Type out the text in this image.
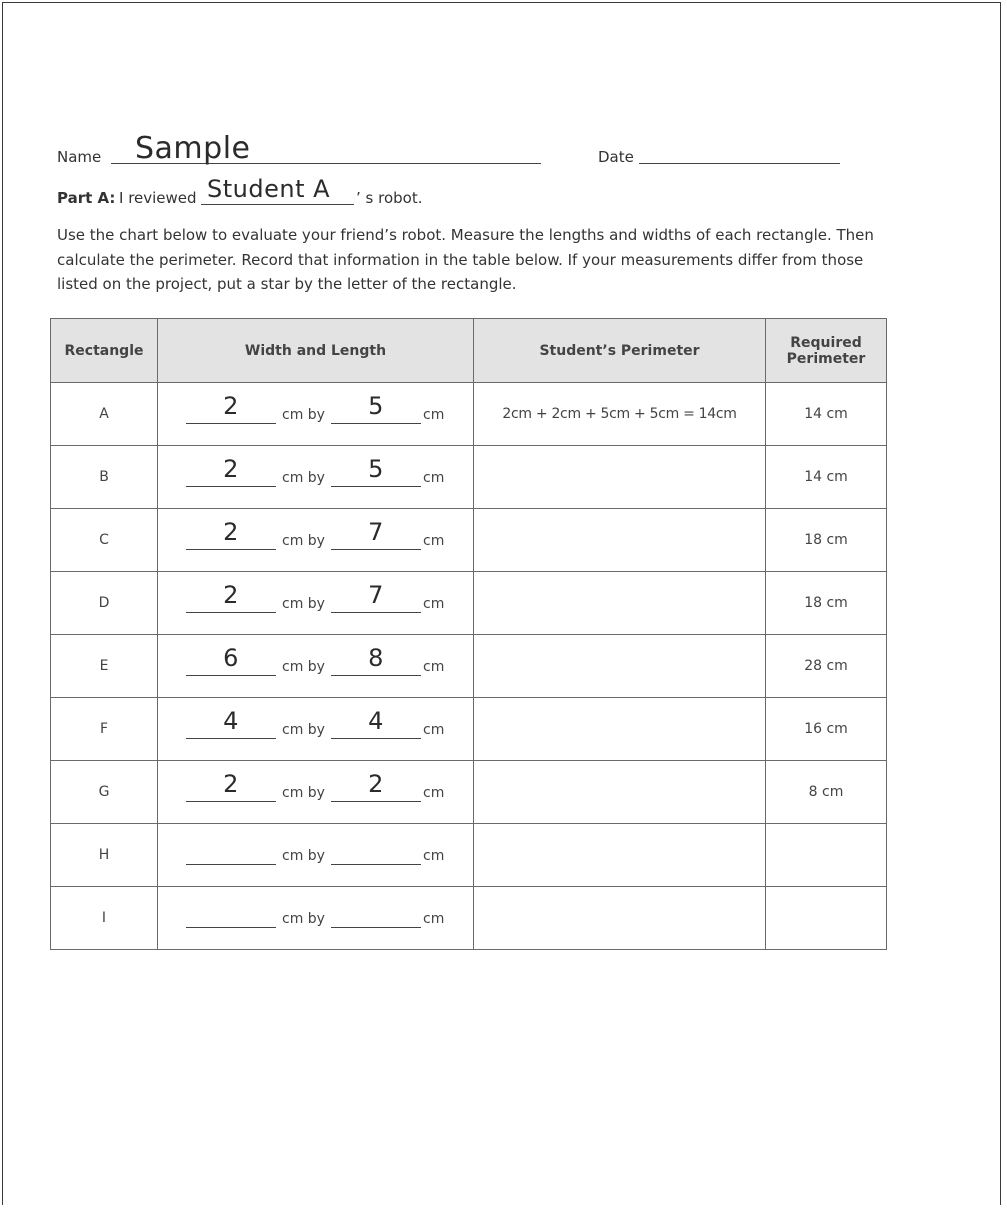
Name Sample	Date
Part A: I reviewed Student A ’ s robot.
Use the chart below to evaluate your friend’s robot. Measure the lengths and widths of each rectangle. Then calculate the perimeter. Record that information in the table below. If your measurements differ from those listed on the project, put a star by the letter of the rectangle.
Rectangle	Width and Length	Student’s Perimeter	Required
Perimeter
A	2 cm by 5 cm	2cm + 2cm + 5cm + 5cm = 14cm	14 cm
B	2 cm by 5 cm		14 cm
C	2 cm by 7 cm		18 cm
D	2 cm by 7 cm		18 cm
E	6 cm by 8 cm		28 cm
F	4 cm by 4 cm		16 cm
G	2 cm by 2 cm		8 cm
H	cm by cm		

I	cm by cm		
